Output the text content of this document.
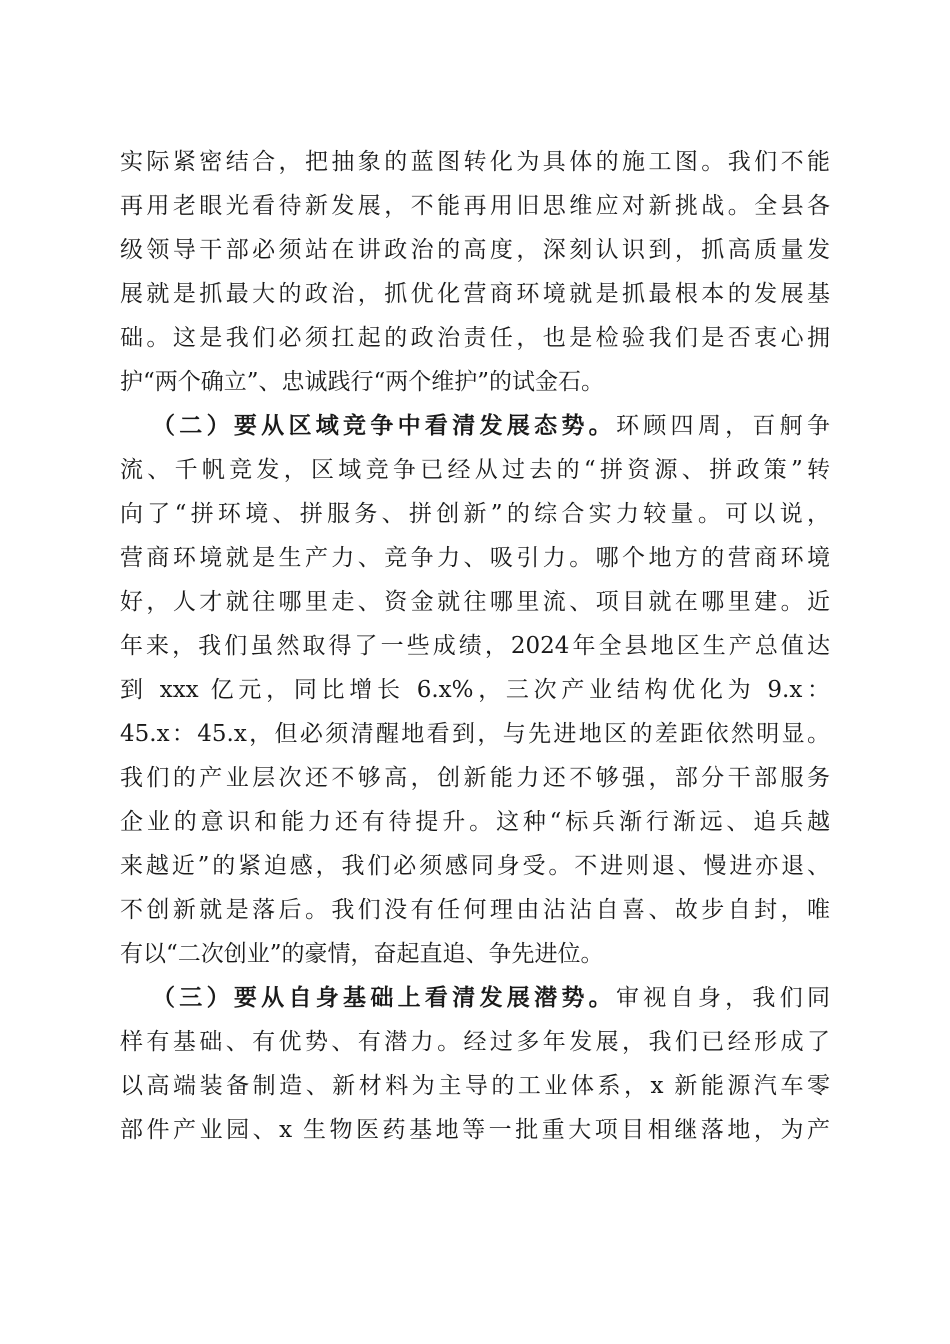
实际紧密结合，把抽象的蓝图转化为具体的施工图。我们不能
再用老眼光看待新发展，不能再用旧思维应对新挑战。全县各
级领导干部必须站在讲政治的高度，深刻认识到，抓高质量发
展就是抓最大的政治，抓优化营商环境就是抓最根本的发展基
础。这是我们必须扛起的政治责任，也是检验我们是否衷心拥
护“两个确立”、忠诚践行“两个维护”的试金石。
（二）要从区域竞争中看清发展态势。环顾四周，百舸争
流、千帆竞发，区域竞争已经从过去的“拼资源、拼政策”转
向了“拼环境、拼服务、拼创新”的综合实力较量。可以说，
营商环境就是生产力、竞争力、吸引力。哪个地方的营商环境
好，人才就往哪里走、资金就往哪里流、项目就在哪里建。近
年来，我们虽然取得了一些成绩，2024年全县地区生产总值达
到 xxx 亿元，同比增长 6.x%，三次产业结构优化为 9.x：
45.x：45.x，但必须清醒地看到，与先进地区的差距依然明显。
我们的产业层次还不够高，创新能力还不够强，部分干部服务
企业的意识和能力还有待提升。这种“标兵渐行渐远、追兵越
来越近”的紧迫感，我们必须感同身受。不进则退、慢进亦退、
不创新就是落后。我们没有任何理由沾沾自喜、故步自封，唯
有以“二次创业”的豪情，奋起直追、争先进位。
（三）要从自身基础上看清发展潜势。审视自身，我们同
样有基础、有优势、有潜力。经过多年发展，我们已经形成了
以高端装备制造、新材料为主导的工业体系，x 新能源汽车零
部件产业园、x 生物医药基地等一批重大项目相继落地，为产
